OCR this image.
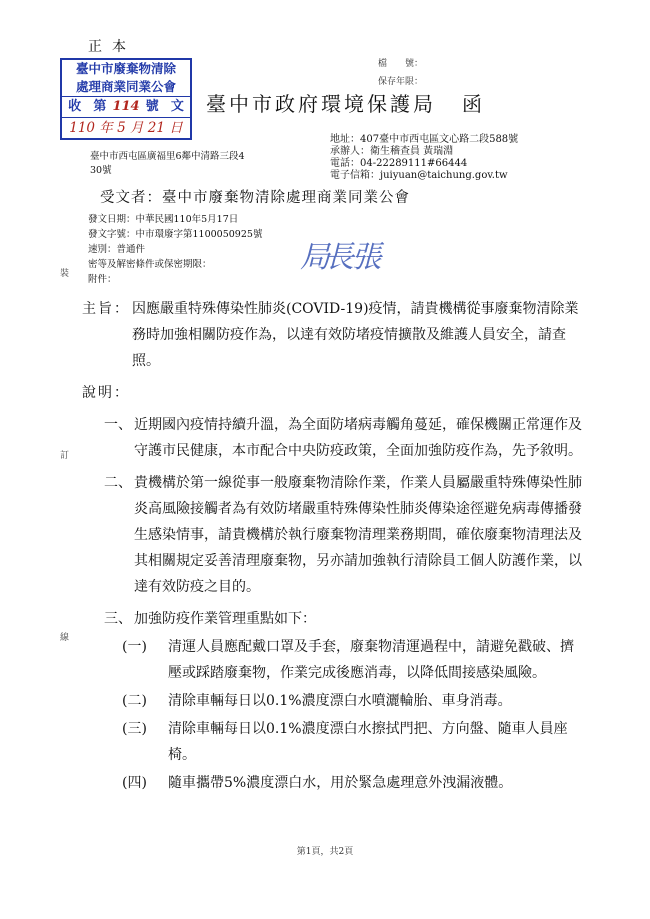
正本
臺中市廢棄物清除
處理商業同業公會
收 第 114 號 文
110 年 5 月 21 日
檔　　號：
保存年限：
臺中市政府環境保護局 函
臺中市西屯區廣福里6鄰中清路三段4
30號
地址：407臺中市西屯區文心路二段588號
承辦人：衛生稽查員 黃瑞淵
電話：04-22289111#66444
電子信箱：juiyuan@taichung.gov.tw
受文者：臺中市廢棄物清除處理商業同業公會
發文日期：中華民國110年5月17日
發文字號：中市環廢字第1100050925號
速別：普通件
密等及解密條件或保密期限：
附件：
局長 張
裝
訂
線
主旨： 因應嚴重特殊傳染性肺炎(COVID-19)疫情，請貴機構從事廢棄物清除業務時加強相關防疫作為，以達有效防堵疫情擴散及維護人員安全，請查照。
說明：
一、 近期國內疫情持續升溫，為全面防堵病毒觸角蔓延，確保機關正常運作及守護市民健康，本市配合中央防疫政策，全面加強防疫作為，先予敘明。
二、 貴機構於第一線從事一般廢棄物清除作業，作業人員屬嚴重特殊傳染性肺炎高風險接觸者為有效防堵嚴重特殊傳染性肺炎傳染途徑避免病毒傳播發生感染情事，請貴機構於執行廢棄物清理業務期間，確依廢棄物清理法及其相關規定妥善清理廢棄物，另亦請加強執行清除員工個人防護作業，以達有效防疫之目的。
三、 加強防疫作業管理重點如下：
(一)	清運人員應配戴口罩及手套，廢棄物清運過程中，請避免戳破、擠壓或踩踏廢棄物，作業完成後應消毒，以降低間接感染風險。
(二)	清除車輛每日以0.1%濃度漂白水噴灑輪胎、車身消毒。
(三)	清除車輛每日以0.1%濃度漂白水擦拭門把、方向盤、隨車人員座椅。
(四)	隨車攜帶5%濃度漂白水，用於緊急處理意外洩漏液體。
第1頁，共2頁
